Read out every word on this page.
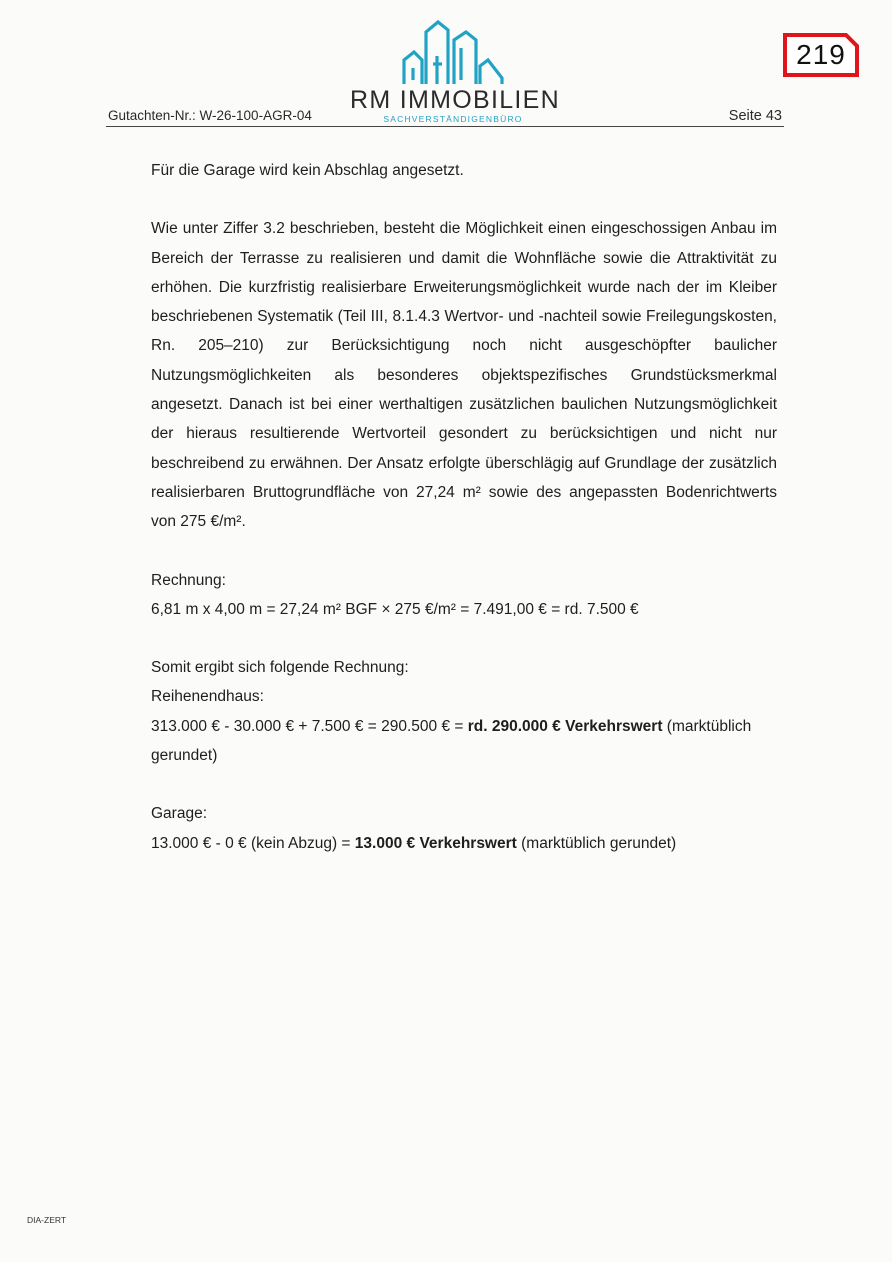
RM IMMOBILIEN
SACHVERSTÄNDIGENBÜRO
219
Gutachten-Nr.: W-26-100-AGR-04	Seite 43

Für die Garage wird kein Abschlag angesetzt.

Wie unter Ziffer 3.2 beschrieben, besteht die Möglichkeit einen eingeschossigen Anbau im Bereich der Terrasse zu realisieren und damit die Wohnfläche sowie die Attraktivität zu erhöhen. Die kurzfristig realisierbare Erweiterungsmöglichkeit wurde nach der im Kleiber beschriebenen Systematik (Teil III, 8.1.4.3 Wertvor- und -nachteil sowie Freilegungskosten, Rn. 205–210) zur Berücksichtigung noch nicht ausgeschöpfter baulicher Nutzungsmöglichkeiten als besonderes objektspezifisches Grundstücksmerkmal angesetzt. Danach ist bei einer werthaltigen zusätzlichen baulichen Nutzungsmöglichkeit der hieraus resultierende Wertvorteil gesondert zu berücksichtigen und nicht nur beschreibend zu erwähnen. Der Ansatz erfolgte überschlägig auf Grundlage der zusätzlich realisierbaren Bruttogrundfläche von 27,24 m² sowie des angepassten Bodenrichtwerts von 275 €/m².

Rechnung:

6,81 m x 4,00 m = 27,24 m² BGF × 275 €/m² = 7.491,00 € = rd. 7.500 €

Somit ergibt sich folgende Rechnung:

Reihenendhaus:

313.000 € - 30.000 € + 7.500 € = 290.500 € = rd. 290.000 € Verkehrswert (marktüblich gerundet)

Garage:

13.000 € - 0 € (kein Abzug) = 13.000 € Verkehrswert (marktüblich gerundet)

DIA-ZERT
